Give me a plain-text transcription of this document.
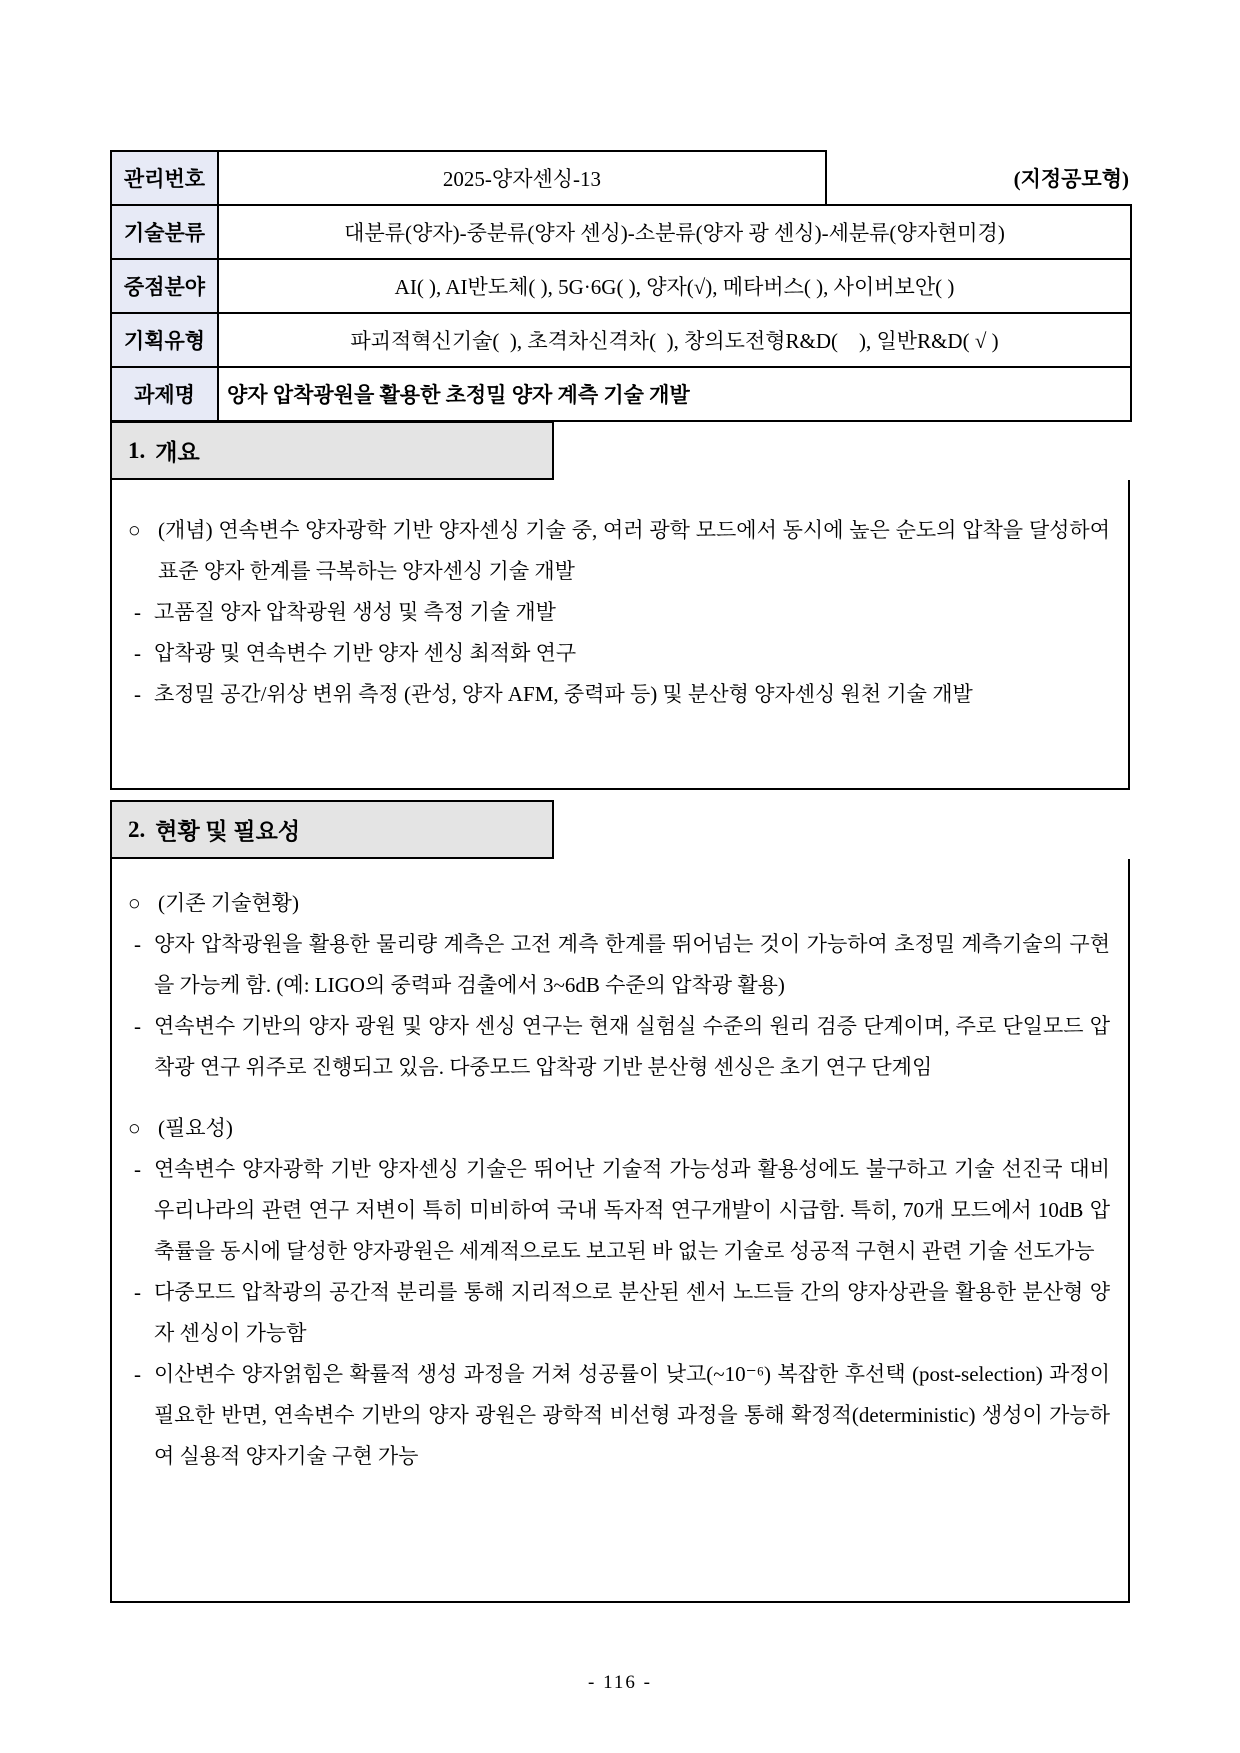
관리번호	2025-양자센싱-13	(지정공모형)
기술분류	대분류(양자)-중분류(양자 센싱)-소분류(양자 광 센싱)-세분류(양자현미경)	
중점분야	AI( ), AI반도체( ), 5G·6G( ), 양자(√), 메타버스( ), 사이버보안( )	
기획유형	파괴적혁신기술(  ), 초격차신격차(  ), 창의도전형R&D(    ), 일반R&D( √ )	
과제명	양자 압착광원을 활용한 초정밀 양자 계측 기술 개발	
1. 개요

○ (개념) 연속변수 양자광학 기반 양자센싱 기술 중, 여러 광학 모드에서 동시에 높은 순도의 압착을 달성하여 표준 양자 한계를 극복하는 양자센싱 기술 개발

- 고품질 양자 압착광원 생성 및 측정 기술 개발

- 압착광 및 연속변수 기반 양자 센싱 최적화 연구

- 초정밀 공간/위상 변위 측정 (관성, 양자 AFM, 중력파 등) 및 분산형 양자센싱 원천 기술 개발

2. 현황 및 필요성

○ (기존 기술현황)

- 양자 압착광원을 활용한 물리량 계측은 고전 계측 한계를 뛰어넘는 것이 가능하여 초정밀 계측기술의 구현을 가능케 함. (예: LIGO의 중력파 검출에서 3~6dB 수준의 압착광 활용)

- 연속변수 기반의 양자 광원 및 양자 센싱 연구는 현재 실험실 수준의 원리 검증 단계이며, 주로 단일모드 압착광 연구 위주로 진행되고 있음. 다중모드 압착광 기반 분산형 센싱은 초기 연구 단계임

○ (필요성)

- 연속변수 양자광학 기반 양자센싱 기술은 뛰어난 기술적 가능성과 활용성에도 불구하고 기술 선진국 대비 우리나라의 관련 연구 저변이 특히 미비하여 국내 독자적 연구개발이 시급함. 특히, 70개 모드에서 10dB 압축률을 동시에 달성한 양자광원은 세계적으로도 보고된 바 없는 기술로 성공적 구현시 관련 기술 선도가능

- 다중모드 압착광의 공간적 분리를 통해 지리적으로 분산된 센서 노드들 간의 양자상관을 활용한 분산형 양자 센싱이 가능함

- 이산변수 양자얽힘은 확률적 생성 과정을 거쳐 성공률이 낮고(~10⁻⁶) 복잡한 후선택 (post-selection) 과정이 필요한 반면, 연속변수 기반의 양자 광원은 광학적 비선형 과정을 통해 확정적(deterministic) 생성이 가능하여 실용적 양자기술 구현 가능

- 116 -
